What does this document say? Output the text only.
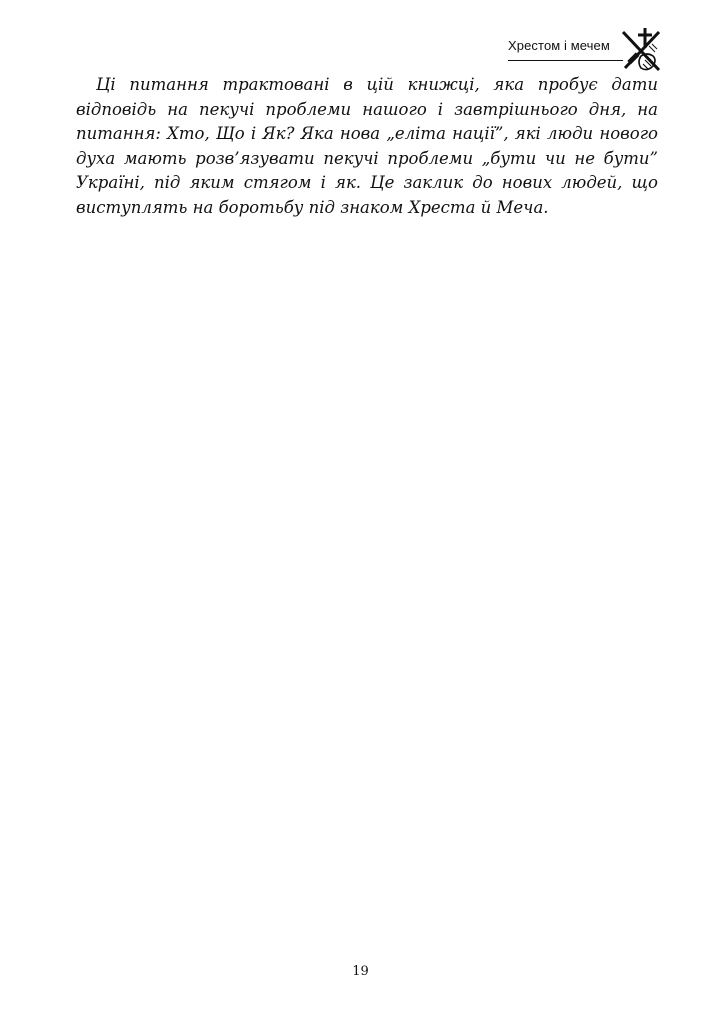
Хрестом і мечем

Ці питання трактовані в цій книжці, яка пробує дати відповідь на пекучі проблеми нашого і завтрішнього дня, на питання: Хто, Що і Як? Яка нова „еліта нації”, які люди нового духа мають розв’язувати пекучі проблеми „бути чи не бути” Україні, під яким стягом і як. Це заклик до нових людей, що виступлять на боротьбу під знаком Хреста й Меча.

19
